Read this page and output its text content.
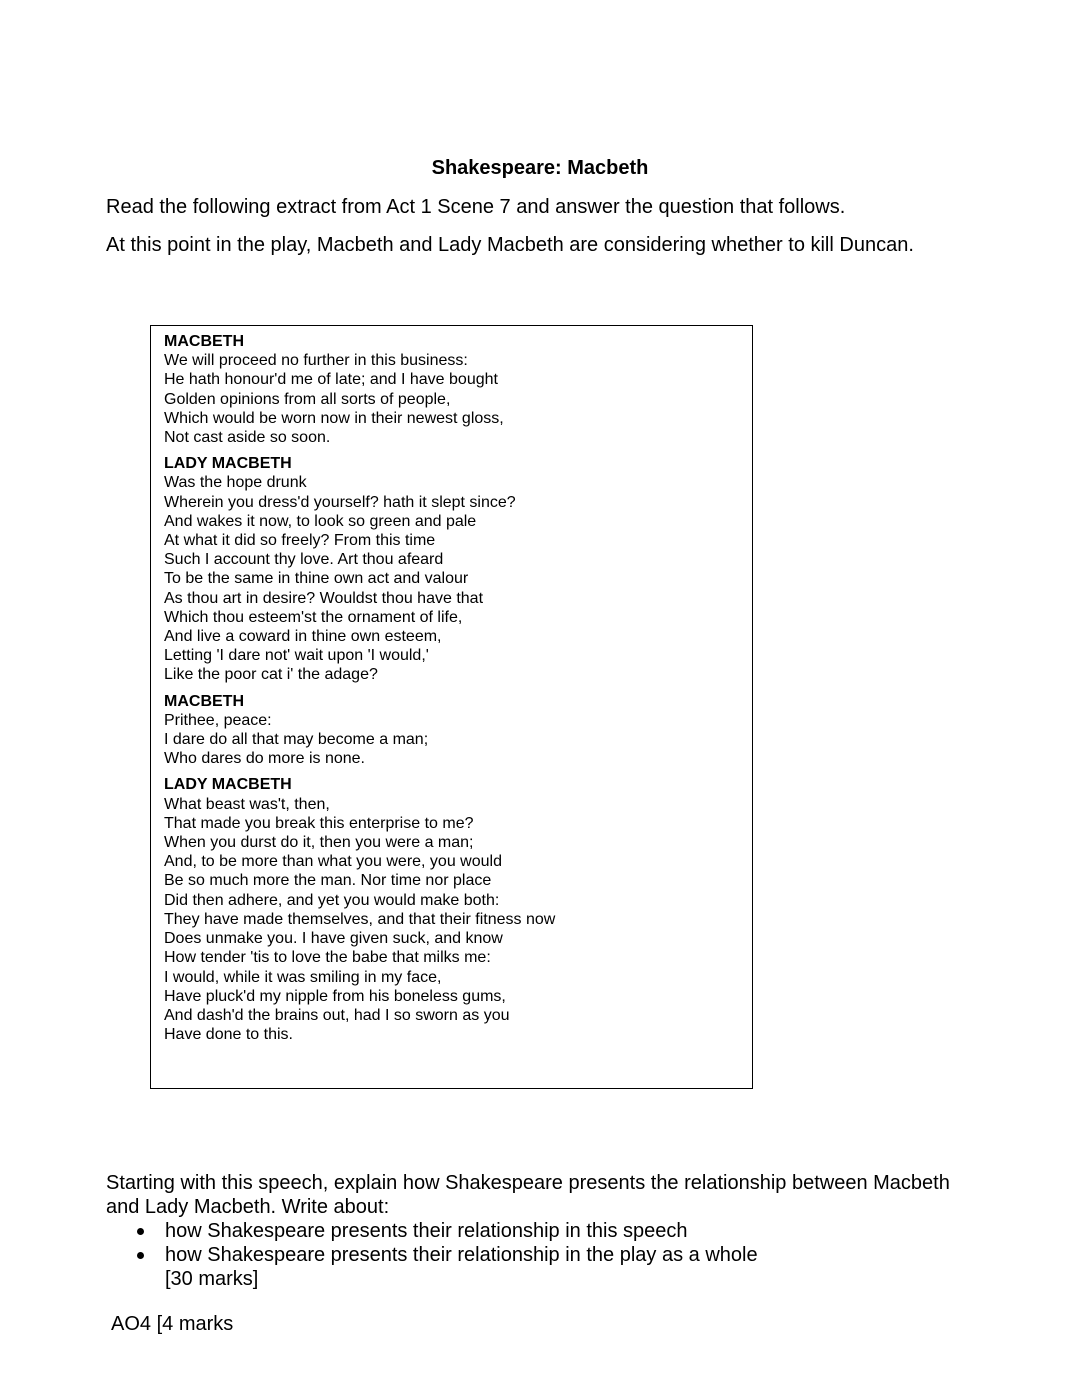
Shakespeare: Macbeth

Read the following extract from Act 1 Scene 7 and answer the question that follows.

At this point in the play, Macbeth and Lady Macbeth are considering whether to kill Duncan.

MACBETH
We will proceed no further in this business:
He hath honour'd me of late; and I have bought
Golden opinions from all sorts of people,
Which would be worn now in their newest gloss,
Not cast aside so soon.
LADY MACBETH
Was the hope drunk
Wherein you dress'd yourself? hath it slept since?
And wakes it now, to look so green and pale
At what it did so freely? From this time
Such I account thy love. Art thou afeard
To be the same in thine own act and valour
As thou art in desire? Wouldst thou have that
Which thou esteem'st the ornament of life,
And live a coward in thine own esteem,
Letting 'I dare not' wait upon 'I would,'
Like the poor cat i' the adage?
MACBETH
Prithee, peace:
I dare do all that may become a man;
Who dares do more is none.
LADY MACBETH
What beast was't, then,
That made you break this enterprise to me?
When you durst do it, then you were a man;
And, to be more than what you were, you would
Be so much more the man. Nor time nor place
Did then adhere, and yet you would make both:
They have made themselves, and that their fitness now
Does unmake you. I have given suck, and know
How tender 'tis to love the babe that milks me:
I would, while it was smiling in my face,
Have pluck'd my nipple from his boneless gums,
And dash'd the brains out, had I so sworn as you
Have done to this.
Starting with this speech, explain how Shakespeare presents the relationship between Macbeth and Lady Macbeth. Write about:
how Shakespeare presents their relationship in this speech
how Shakespeare presents their relationship in the play as a whole
[30 marks]

AO4 [4 marks
